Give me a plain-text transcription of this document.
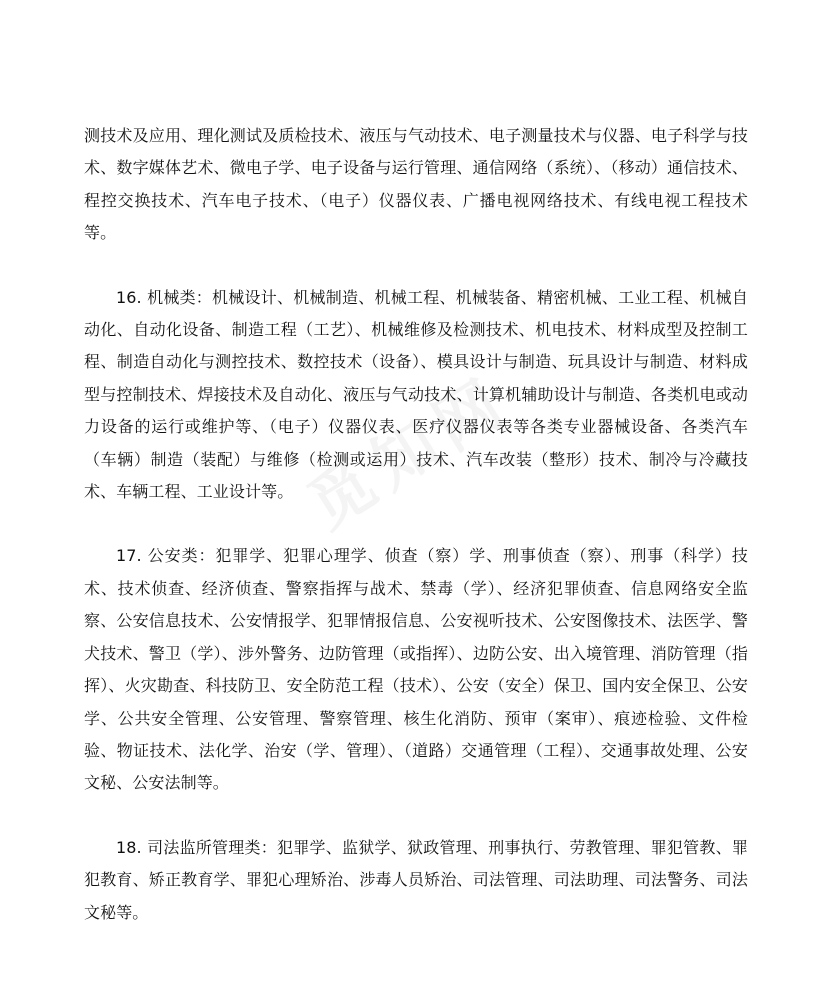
测技术及应用、理化测试及质检技术、液压与气动技术、电子测量技术与仪器、电子科学与技术、数字媒体艺术、微电子学、电子设备与运行管理、通信网络（系统）、（移动）通信技术、程控交换技术、汽车电子技术、（电子）仪器仪表、广播电视网络技术、有线电视工程技术等。

16. 机械类：机械设计、机械制造、机械工程、机械装备、精密机械、工业工程、机械自动化、自动化设备、制造工程（工艺）、机械维修及检测技术、机电技术、材料成型及控制工程、制造自动化与测控技术、数控技术（设备）、模具设计与制造、玩具设计与制造、材料成型与控制技术、焊接技术及自动化、液压与气动技术、计算机辅助设计与制造、各类机电或动力设备的运行或维护等、（电子）仪器仪表、医疗仪器仪表等各类专业器械设备、各类汽车（车辆）制造（装配）与维修（检测或运用）技术、汽车改装（整形）技术、制冷与冷藏技术、车辆工程、工业设计等。

17. 公安类：犯罪学、犯罪心理学、侦查（察）学、刑事侦查（察）、刑事（科学）技术、技术侦查、经济侦查、警察指挥与战术、禁毒（学）、经济犯罪侦查、信息网络安全监察、公安信息技术、公安情报学、犯罪情报信息、公安视听技术、公安图像技术、法医学、警犬技术、警卫（学）、涉外警务、边防管理（或指挥）、边防公安、出入境管理、消防管理（指挥）、火灾勘查、科技防卫、安全防范工程（技术）、公安（安全）保卫、国内安全保卫、公安学、公共安全管理、公安管理、警察管理、核生化消防、预审（案审）、痕迹检验、文件检验、物证技术、法化学、治安（学、管理）、（道路）交通管理（工程）、交通事故处理、公安文秘、公安法制等。

18. 司法监所管理类：犯罪学、监狱学、狱政管理、刑事执行、劳教管理、罪犯管教、罪犯教育、矫正教育学、罪犯心理矫治、涉毒人员矫治、司法管理、司法助理、司法警务、司法文秘等。
